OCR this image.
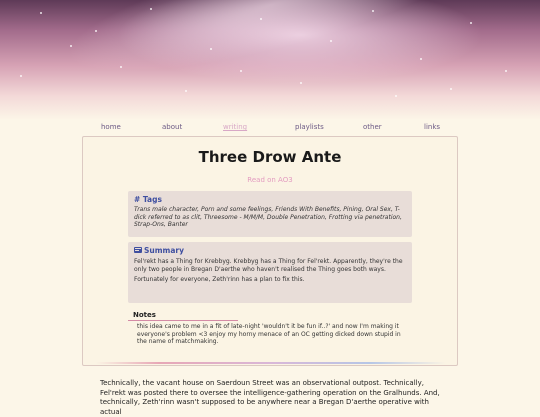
home	about	writing	playlists	other	links
Three Drow Ante
Read on AO3
# Tags
Trans male character, Porn and some feelings, Friends With Benefits, Pining, Oral Sex, T-dick referred to as clit, Threesome - M/M/M, Double Penetration, Frotting via penetration, Strap-Ons, Banter
Summary

Fel'rekt has a Thing for Krebbyg. Krebbyg has a Thing for Fel'rekt. Apparently, they're the only two people in Bregan D'aerthe who haven't realised the Thing goes both ways.

Fortunately for everyone, Zeth'rinn has a plan to fix this.

Notes

this idea came to me in a fit of late-night 'wouldn't it be fun if..?' and now I'm making it everyone's problem <3 enjoy my horny menace of an OC getting dicked down stupid in the name of matchmaking.

Technically, the vacant house on Saerdoun Street was an observational outpost. Technically, Fel'rekt was posted there to oversee the intelligence-gathering operation on the Gralhunds. And, technically, Zeth'rinn wasn't supposed to be anywhere near a Bregan D'aerthe operative with actual
